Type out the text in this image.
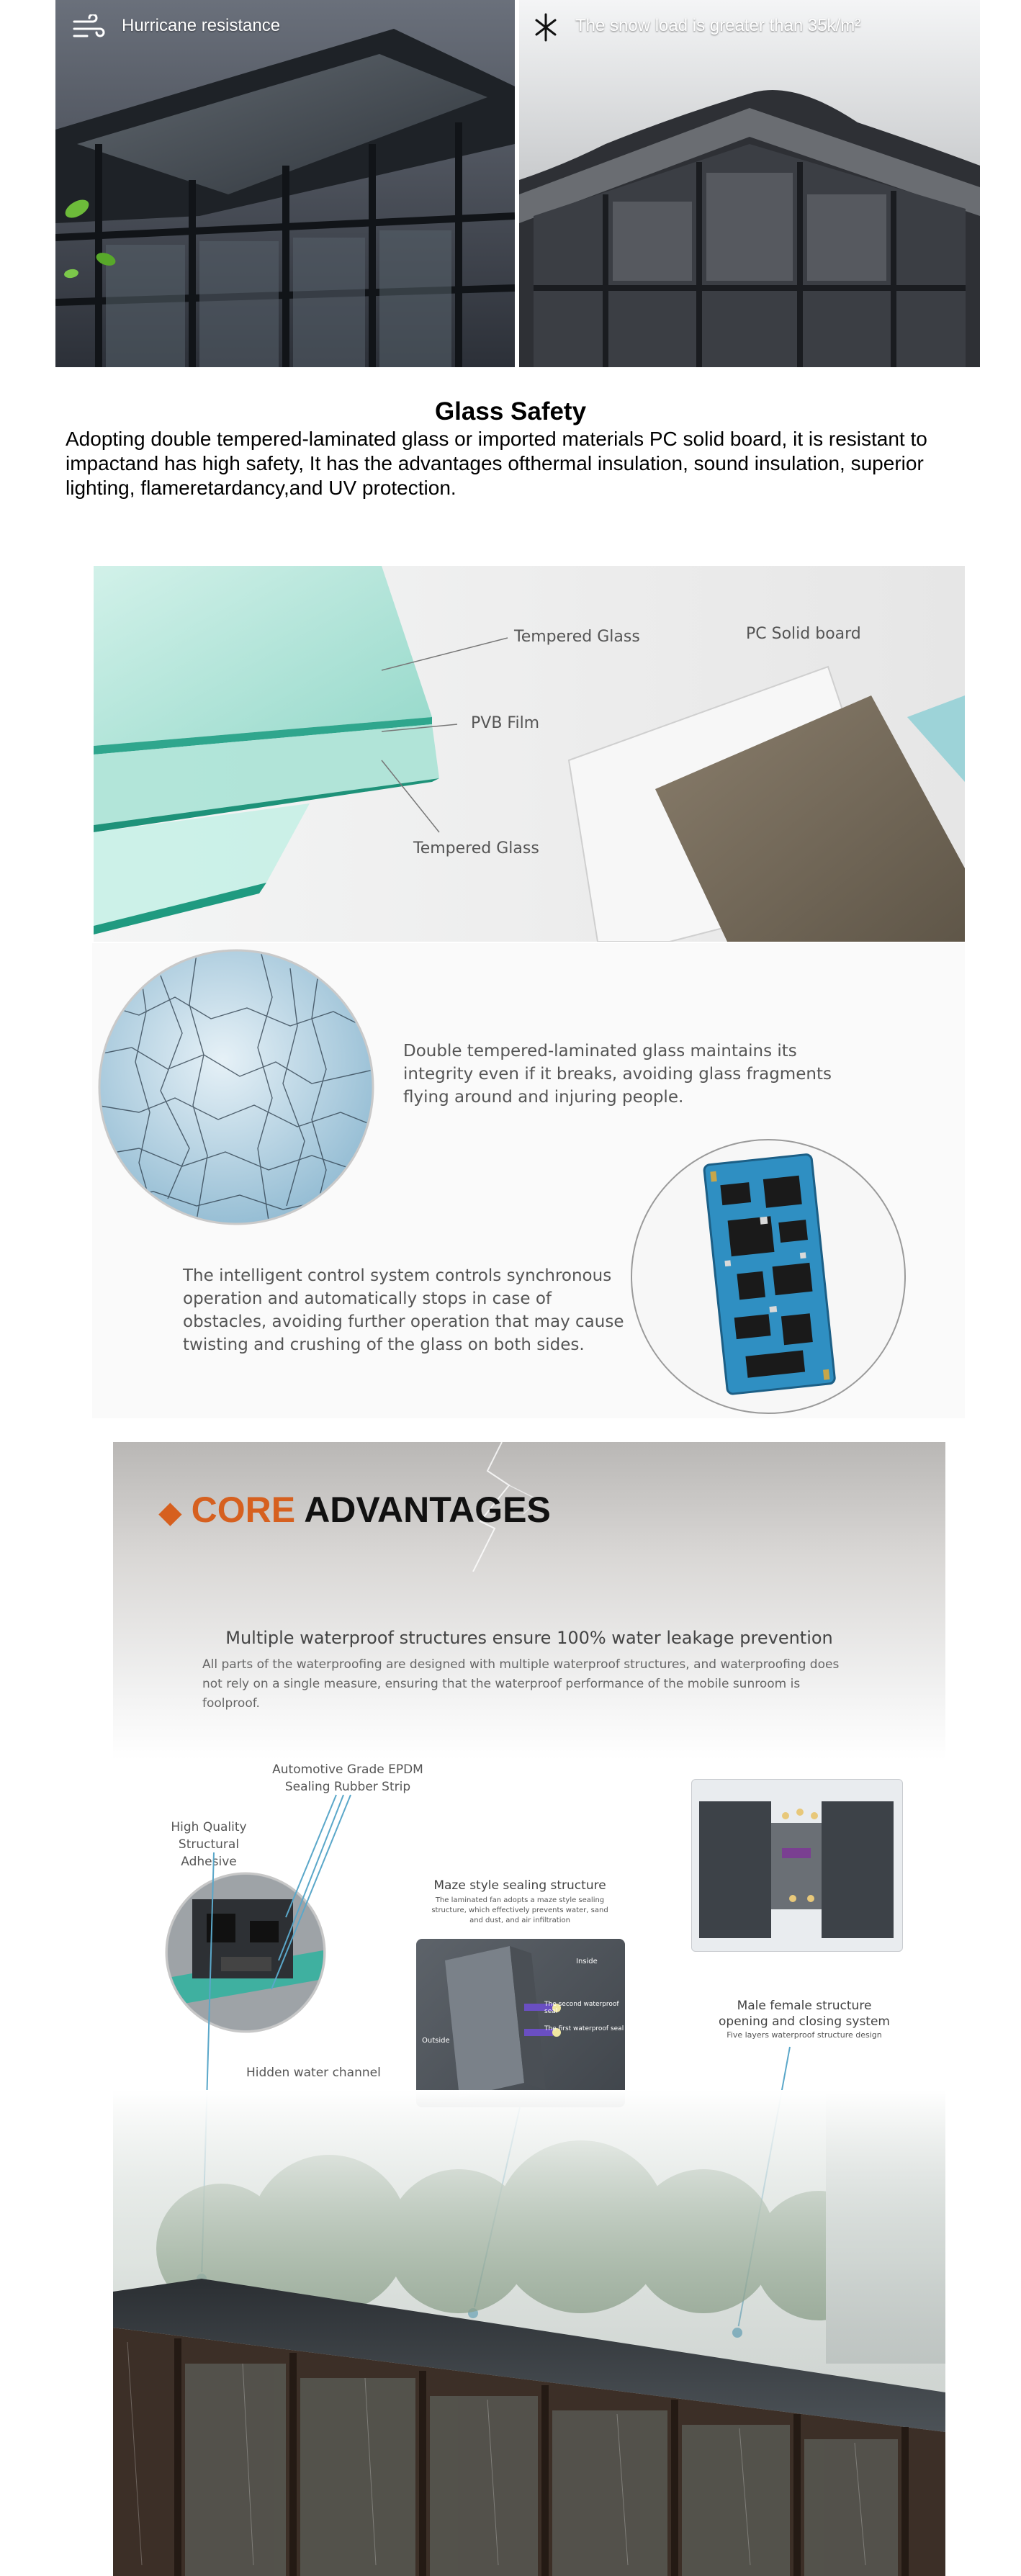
Hurricane resistance	The snow load is greater than 35k/m²
Glass Safety
Adopting double tempered-laminated glass or imported materials PC solid board, it is resistant to impactand has high safety, It has the advantages ofthermal insulation, sound insulation, superior lighting, flameretardancy,and UV protection.
Tempered Glass	PC Solid board
PVB Film
Tempered Glass
Double tempered-laminated glass maintains its integrity even if it breaks, avoiding glass fragments flying around and injuring people.
The intelligent control system controls synchronous operation and automatically stops in case of obstacles, avoiding further operation that may cause twisting and crushing of the glass on both sides.
◆ CORE ADVANTAGES
Multiple waterproof structures ensure 100% water leakage prevention
All parts of the waterproofing are designed with multiple waterproof structures, and waterproofing does not rely on a single measure, ensuring that the waterproof performance of the mobile sunroom is foolproof.
Automotive Grade EPDM Sealing Rubber Strip
High Quality Structural Adhesive
Hidden water channel
Maze style sealing structure
The laminated fan adopts a maze style sealing structure, which effectively prevents water, sand and dust, and air infiltration
Inside
Outside
The second waterproof seal
The first waterproof seal
Male female structure opening and closing system
Five layers waterproof structure design
